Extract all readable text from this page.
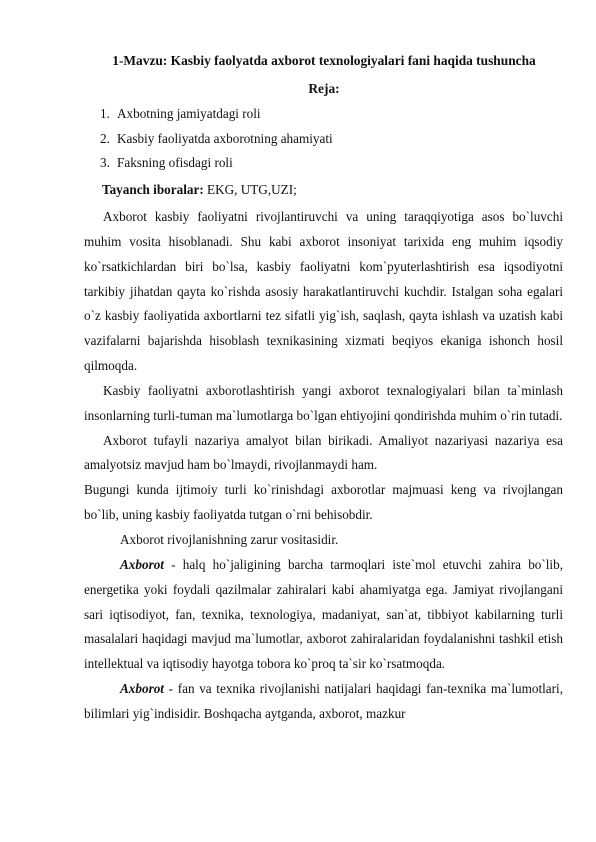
1-Mavzu: Kasbiy faolyatda axborot texnologiyalari fani haqida tushuncha
Reja:
1. Axbotning jamiyatdagi roli
2. Kasbiy faoliyatda axborotning ahamiyati
3. Faksning ofisdagi roli
Tayanch iboralar: EKG, UTG,UZI;

Axborot kasbiy faoliyatni rivojlantiruvchi va uning taraqqiyotiga asos bo`luvchi muhim vosita hisoblanadi. Shu kabi axborot insoniyat tarixida eng muhim iqsodiy ko`rsatkichlardan biri bo`lsa, kasbiy faoliyatni kom`pyuterlashtirish esa iqsodiyotni tarkibiy jihatdan qayta ko`rishda asosiy harakatlantiruvchi kuchdir. Istalgan soha egalari o`z kasbiy faoliyatida axbortlarni tez sifatli yig`ish, saqlash, qayta ishlash va uzatish kabi vazifalarni bajarishda hisoblash texnikasining xizmati beqiyos ekaniga ishonch hosil qilmoqda.

Kasbiy faoliyatni axborotlashtirish yangi axborot texnalogiyalari bilan ta`minlash insonlarning turli-tuman ma`lumotlarga bo`lgan ehtiyojini qondirishda muhim o`rin tutadi.

Axborot tufayli nazariya amalyot bilan birikadi. Amaliyot nazariyasi nazariya esa amalyotsiz mavjud ham bo`lmaydi, rivojlanmaydi ham.

Bugungi kunda ijtimoiy turli ko`rinishdagi axborotlar majmuasi keng va rivojlangan bo`lib, uning kasbiy faoliyatda tutgan o`rni behisobdir.

Axborot rivojlanishning zarur vositasidir.

Axborot - halq ho`jaligining barcha tarmoqlari iste`mol etuvchi zahira bo`lib, energetika yoki foydali qazilmalar zahiralari kabi ahamiyatga ega. Jamiyat rivojlangani sari iqtisodiyot, fan, texnika, texnologiya, madaniyat, san`at, tibbiyot kabilarning turli masalalari haqidagi mavjud ma`lumotlar, axborot zahiralaridan foydalanishni tashkil etish intellektual va iqtisodiy hayotga tobora ko`proq ta`sir ko`rsatmoqda.

Axborot - fan va texnika rivojlanishi natijalari haqidagi fan-texnika ma`lumotlari, bilimlari yig`indisidir. Boshqacha aytganda, axborot, mazkur
